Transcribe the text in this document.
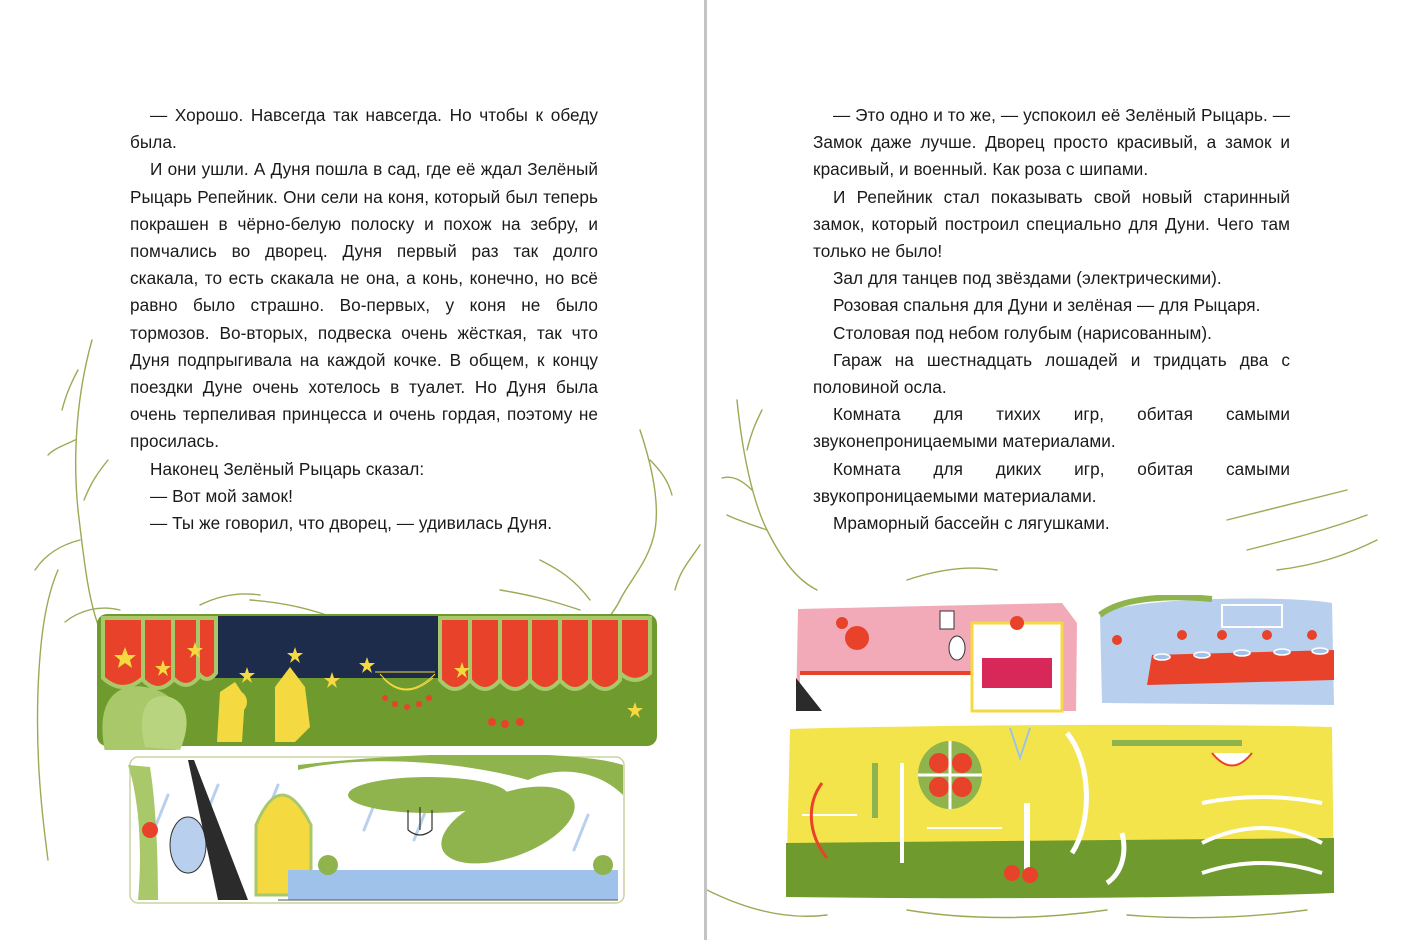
— Хорошо. Навсегда так навсегда. Но чтобы к обеду была.

И они ушли. А Дуня пошла в сад, где её ждал Зелёный Рыцарь Репейник. Они сели на коня, который был теперь покрашен в чёрно-белую полоску и похож на зебру, и помчались во дворец. Дуня первый раз так долго скакала, то есть скакала не она, а конь, конечно, но всё равно было страшно. Во-первых, у коня не было тормозов. Во-вторых, подвеска очень жёсткая, так что Дуня подпрыгивала на каждой кочке. В общем, к концу поездки Дуне очень хотелось в туалет. Но Дуня была очень терпеливая принцесса и очень гордая, поэтому не просилась.

Наконец Зелёный Рыцарь сказал:

— Вот мой замок!

— Ты же говорил, что дворец, — удивилась Дуня.

— Это одно и то же, — успокоил её Зелёный Рыцарь. — Замок даже лучше. Дворец просто красивый, а замок и красивый, и военный. Как роза с шипами.

И Репейник стал показывать свой новый старинный замок, который построил специально для Дуни. Чего там только не было!

Зал для танцев под звёздами (электрическими).

Розовая спальня для Дуни и зелёная — для Рыцаря.

Столовая под небом голубым (нарисованным).

Гараж на шестнадцать лошадей и тридцать два с половиной осла.

Комната для тихих игр, обитая самыми звуконепроницаемыми материалами.

Комната для диких игр, обитая самыми звукопроницаемыми материалами.

Мраморный бассейн с лягушками.
